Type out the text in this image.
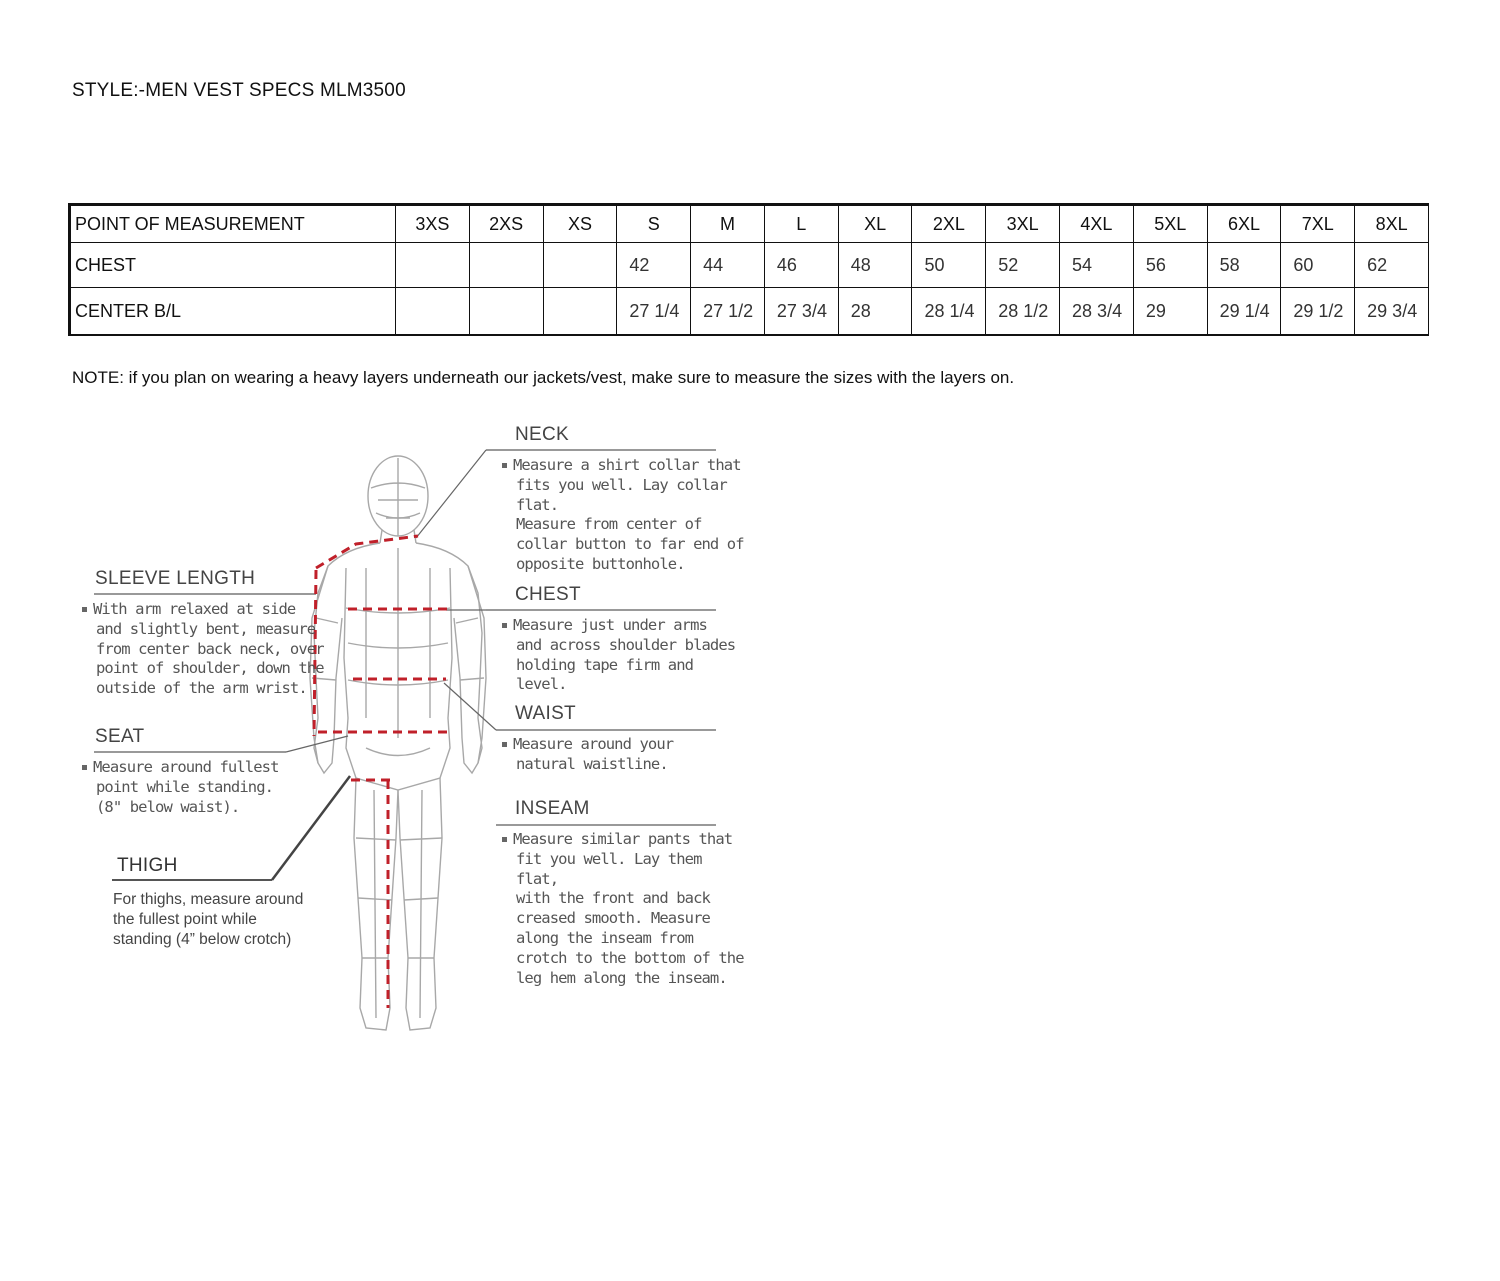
STYLE:-MEN VEST SPECS MLM3500
POINT OF MEASUREMENT	3XS	2XS	XS	S	M	L	XL	2XL	3XL	4XL	5XL	6XL	7XL	8XL
CHEST				42	44	46	48	50	52	54	56	58	60	62
CENTER B/L				27 1/4	27 1/2	27 3/4	28	28 1/4	28 1/2	28 3/4	29	29 1/4	29 1/2	29 3/4
NOTE: if you plan on wearing a heavy layers underneath our jackets/vest, make sure to measure the sizes with the layers on.
NECK
Measure a shirt collar that
fits you well. Lay collar flat.
Measure from center of
collar button to far end of
opposite buttonhole.
CHEST
Measure just under arms
and across shoulder blades
holding tape firm and level.
WAIST
Measure around your
natural waistline.
INSEAM
Measure similar pants that
fit you well. Lay them flat,
with the front and back
creased smooth. Measure
along the inseam from
crotch to the bottom of the
leg hem along the inseam.
SLEEVE LENGTH
With arm relaxed at side
and slightly bent, measure
from center back neck, over
point of shoulder, down the
outside of the arm wrist.
SEAT
Measure around fullest
point while standing.
(8" below waist).
THIGH
For thighs, measure around
the fullest point while
standing (4” below crotch)
